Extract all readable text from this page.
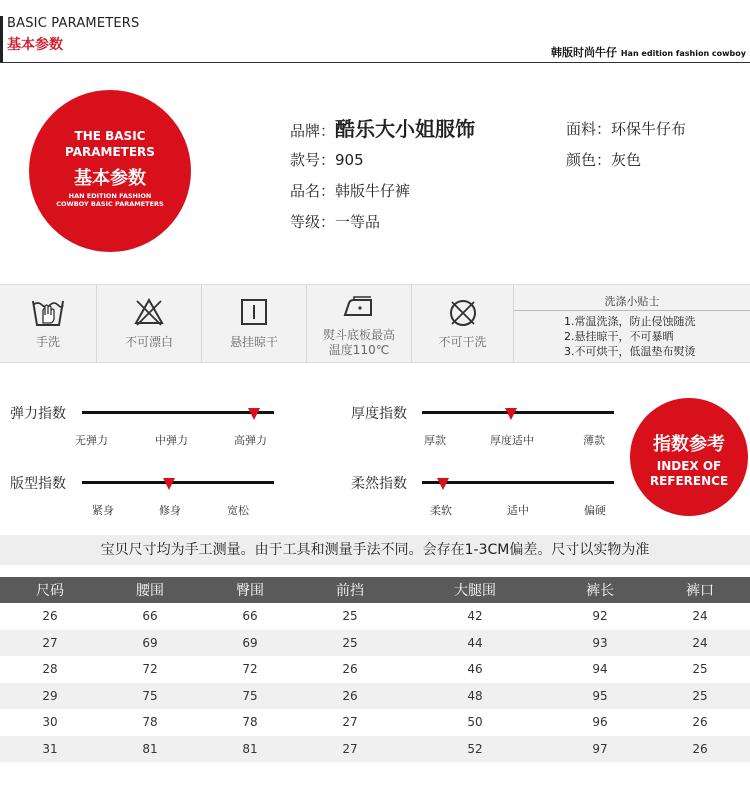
BASIC PARAMETERS
基本参数	韩版时尚牛仔 Han edition fashion cowboy
THE BASIC
PARAMETERS
基本参数
HAN EDITION FASHION
COWBOY BASIC PARAMETERS
品牌：酷乐大小姐服饰
款号：905
品名：韩版牛仔裤
等级：一等品
面料：环保牛仔布
颜色：灰色
手洗	不可漂白	悬挂晾干	熨斗底板最高
温度110℃
不可干洗
洗涤小贴士
1.常温洗涤，防止侵蚀随洗
2.悬挂晾干，不可暴晒
3.不可烘干，低温垫布熨烫
弹力指数
无弹力	中弹力	高弹力
厚度指数
厚款	厚度适中	薄款
版型指数
紧身	修身	宽松
柔然指数
柔软	适中	偏硬
指数参考
INDEX OF
REFERENCE
宝贝尺寸均为手工测量。由于工具和测量手法不同。会存在1-3CM偏差。尺寸以实物为准
尺码	腰围	臀围	前挡	大腿围	裤长	裤口
26	66	66	25	42	92	24
27	69	69	25	44	93	24
28	72	72	26	46	94	25
29	75	75	26	48	95	25
30	78	78	27	50	96	26
31	81	81	27	52	97	26
